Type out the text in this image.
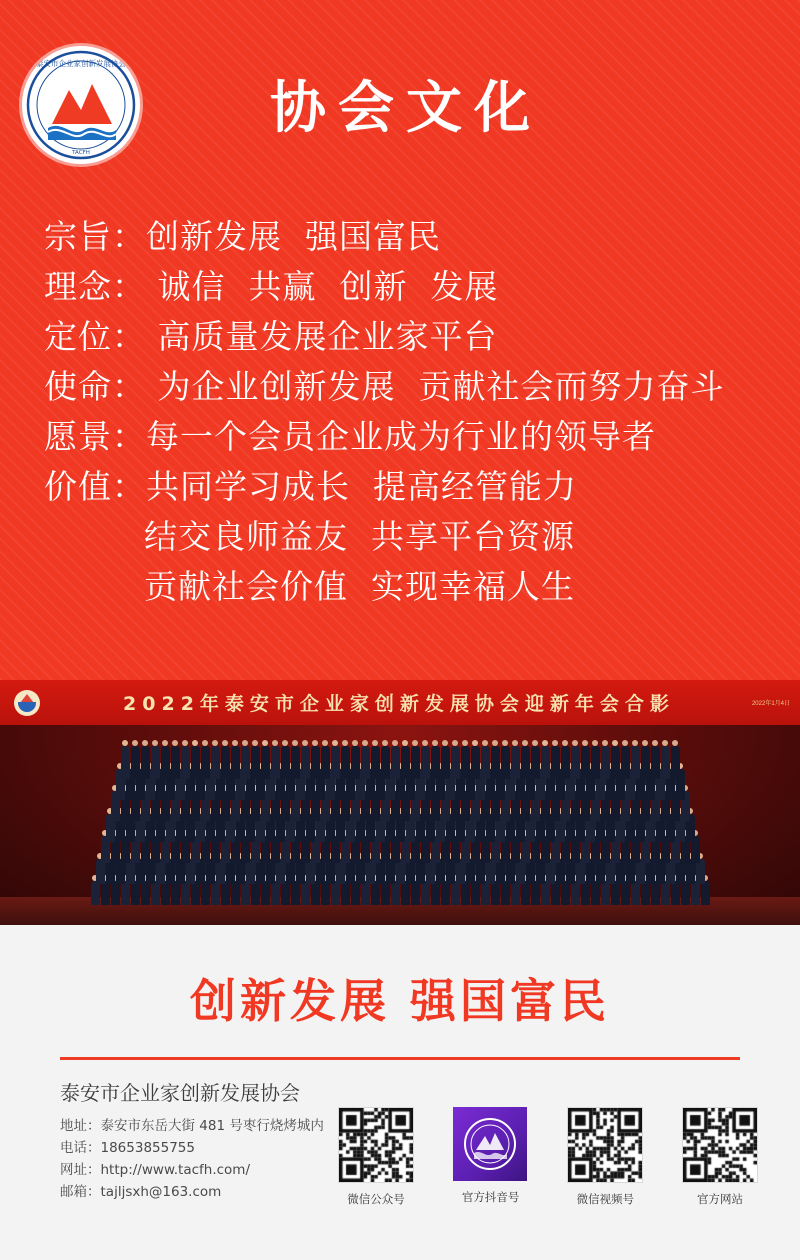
泰安市企业家创新发展协会
TACFH
协会文化
宗旨：创新发展  强国富民
理念： 诚信  共赢  创新  发展
定位： 高质量发展企业家平台
使命： 为企业创新发展  贡献社会而努力奋斗
愿景：每一个会员企业成为行业的领导者
价值：共同学习成长  提高经管能力
结交良师益友  共享平台资源
贡献社会价值  实现幸福人生
2022年泰安市企业家创新发展协会迎新年会合影	2022年1月4日
创新发展 强国富民
泰安市企业家创新发展协会
地址：泰安市东岳大街 481 号枣行烧烤城内
电话：18653855755
网址：http://www.tacfh.com/
邮箱：tajljsxh@163.com	微信公众号	官方抖音号	微信视频号	官方网站
